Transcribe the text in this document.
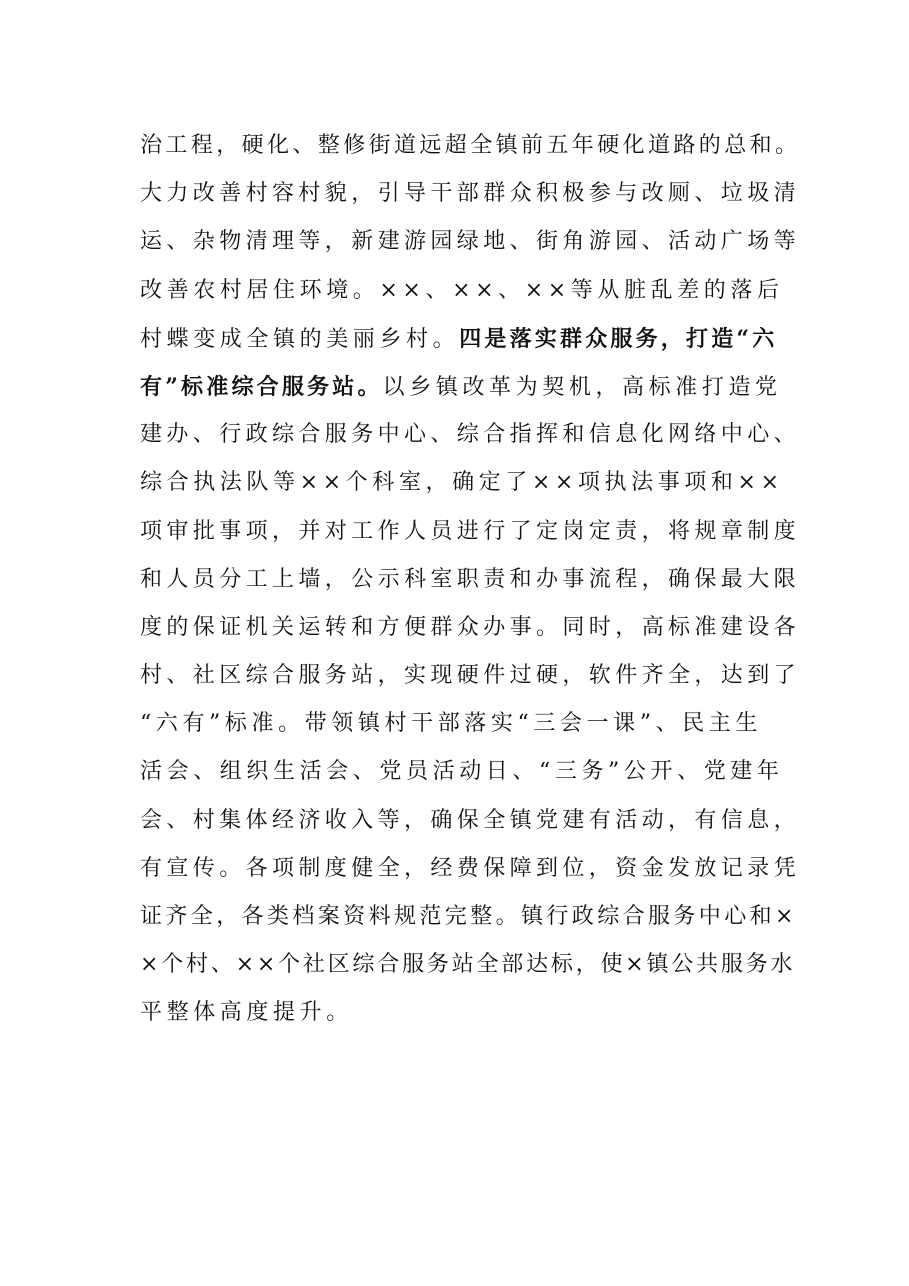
治工程，硬化、整修街道远超全镇前五年硬化道路的总和。
大力改善村容村貌，引导干部群众积极参与改厕、垃圾清
运、杂物清理等，新建游园绿地、街角游园、活动广场等
改善农村居住环境。××、××、××等从脏乱差的落后
村蝶变成全镇的美丽乡村。四是落实群众服务，打造“六
有”标准综合服务站。以乡镇改革为契机，高标准打造党
建办、行政综合服务中心、综合指挥和信息化网络中心、
综合执法队等××个科室，确定了××项执法事项和××
项审批事项，并对工作人员进行了定岗定责，将规章制度
和人员分工上墙，公示科室职责和办事流程，确保最大限
度的保证机关运转和方便群众办事。同时，高标准建设各
村、社区综合服务站，实现硬件过硬，软件齐全，达到了
“六有”标准。带领镇村干部落实“三会一课”、民主生
活会、组织生活会、党员活动日、“三务”公开、党建年
会、村集体经济收入等，确保全镇党建有活动，有信息，
有宣传。各项制度健全，经费保障到位，资金发放记录凭
证齐全，各类档案资料规范完整。镇行政综合服务中心和×
×个村、××个社区综合服务站全部达标，使×镇公共服务水
平整体高度提升。
